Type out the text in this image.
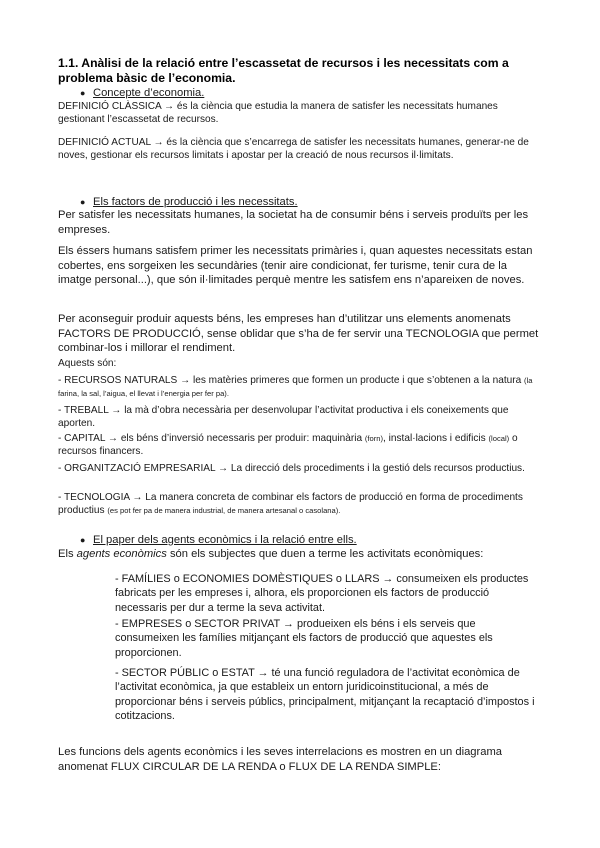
1.1. Anàlisi de la relació entre l’escassetat de recursos i les necessitats com a problema bàsic de l’economia.
● Concepte d’economia.

DEFINICIÓ CLÀSSICA → és la ciència que estudia la manera de satisfer les necessitats humanes gestionant l’escassetat de recursos.

DEFINICIÓ ACTUAL → és la ciència que s’encarrega de satisfer les necessitats humanes, generar-ne de noves, gestionar els recursos limitats i apostar per la creació de nous recursos il·limitats.

● Els factors de producció i les necessitats.

Per satisfer les necessitats humanes, la societat ha de consumir béns i serveis produïts per les empreses.

Els éssers humans satisfem primer les necessitats primàries i, quan aquestes necessitats estan cobertes, ens sorgeixen les secundàries (tenir aire condicionat, fer turisme, tenir cura de la imatge personal...), que són il·limitades perquè mentre les satisfem ens n’apareixen de noves.

Per aconseguir produir aquests béns, les empreses han d’utilitzar uns elements anomenats FACTORS DE PRODUCCIÓ, sense oblidar que s’ha de fer servir una TECNOLOGIA que permet combinar-los i millorar el rendiment.

Aquests són:

- RECURSOS NATURALS → les matèries primeres que formen un producte i que s’obtenen a la natura (la farina, la sal, l’aigua, el llevat i l’energia per fer pa).

- TREBALL → la mà d’obra necessària per desenvolupar l’activitat productiva i els coneixements que aporten.

- CAPITAL → els béns d’inversió necessaris per produir: maquinària (forn), instal·lacions i edificis (local) o recursos financers.

- ORGANITZACIÓ EMPRESARIAL → La direcció dels procediments i la gestió dels recursos productius.

- TECNOLOGIA → La manera concreta de combinar els factors de producció en forma de procediments productius (es pot fer pa de manera industrial, de manera artesanal o casolana).

● El paper dels agents econòmics i la relació entre ells.

Els agents econòmics són els subjectes que duen a terme les activitats econòmiques:

- FAMÍLIES o ECONOMIES DOMÈSTIQUES o LLARS → consumeixen els productes fabricats per les empreses i, alhora, els proporcionen els factors de producció necessaris per dur a terme la seva activitat.

- EMPRESES o SECTOR PRIVAT → produeixen els béns i els serveis que consumeixen les famílies mitjançant els factors de producció que aquestes els proporcionen.

- SECTOR PÚBLIC o ESTAT → té una funció reguladora de l’activitat econòmica de l’activitat econòmica, ja que estableix un entorn juridicoinstitucional, a més de proporcionar béns i serveis públics, principalment, mitjançant la recaptació d’impostos i cotitzacions.

Les funcions dels agents econòmics i les seves interrelacions es mostren en un diagrama anomenat FLUX CIRCULAR DE LA RENDA o FLUX DE LA RENDA SIMPLE:
